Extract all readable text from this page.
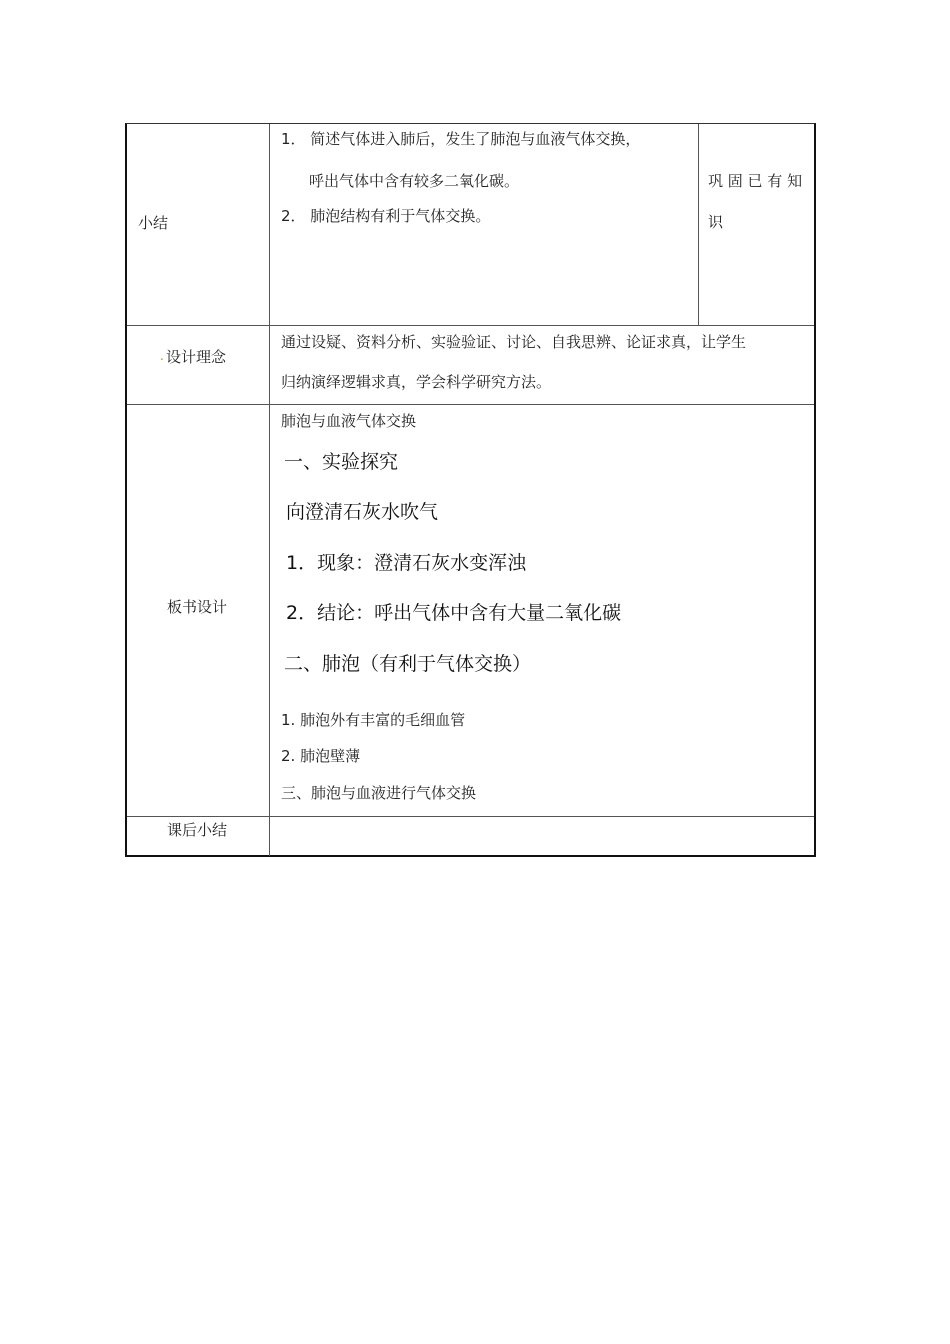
小结
1． 简述气体进入肺后，发生了肺泡与血液气体交换，
呼出气体中含有较多二氧化碳。
2． 肺泡结构有利于气体交换。
巩 固 已 有 知
识
. 设计理念
通过设疑、资料分析、实验验证、讨论、自我思辨、论证求真，让学生
归纳演绎逻辑求真，学会科学研究方法。
板书设计
肺泡与血液气体交换
一、实验探究
向澄清石灰水吹气
1．现象：澄清石灰水变浑浊
2．结论：呼出气体中含有大量二氧化碳
二、肺泡（有利于气体交换）
1. 肺泡外有丰富的毛细血管
2. 肺泡壁薄
三、肺泡与血液进行气体交换
课后小结
